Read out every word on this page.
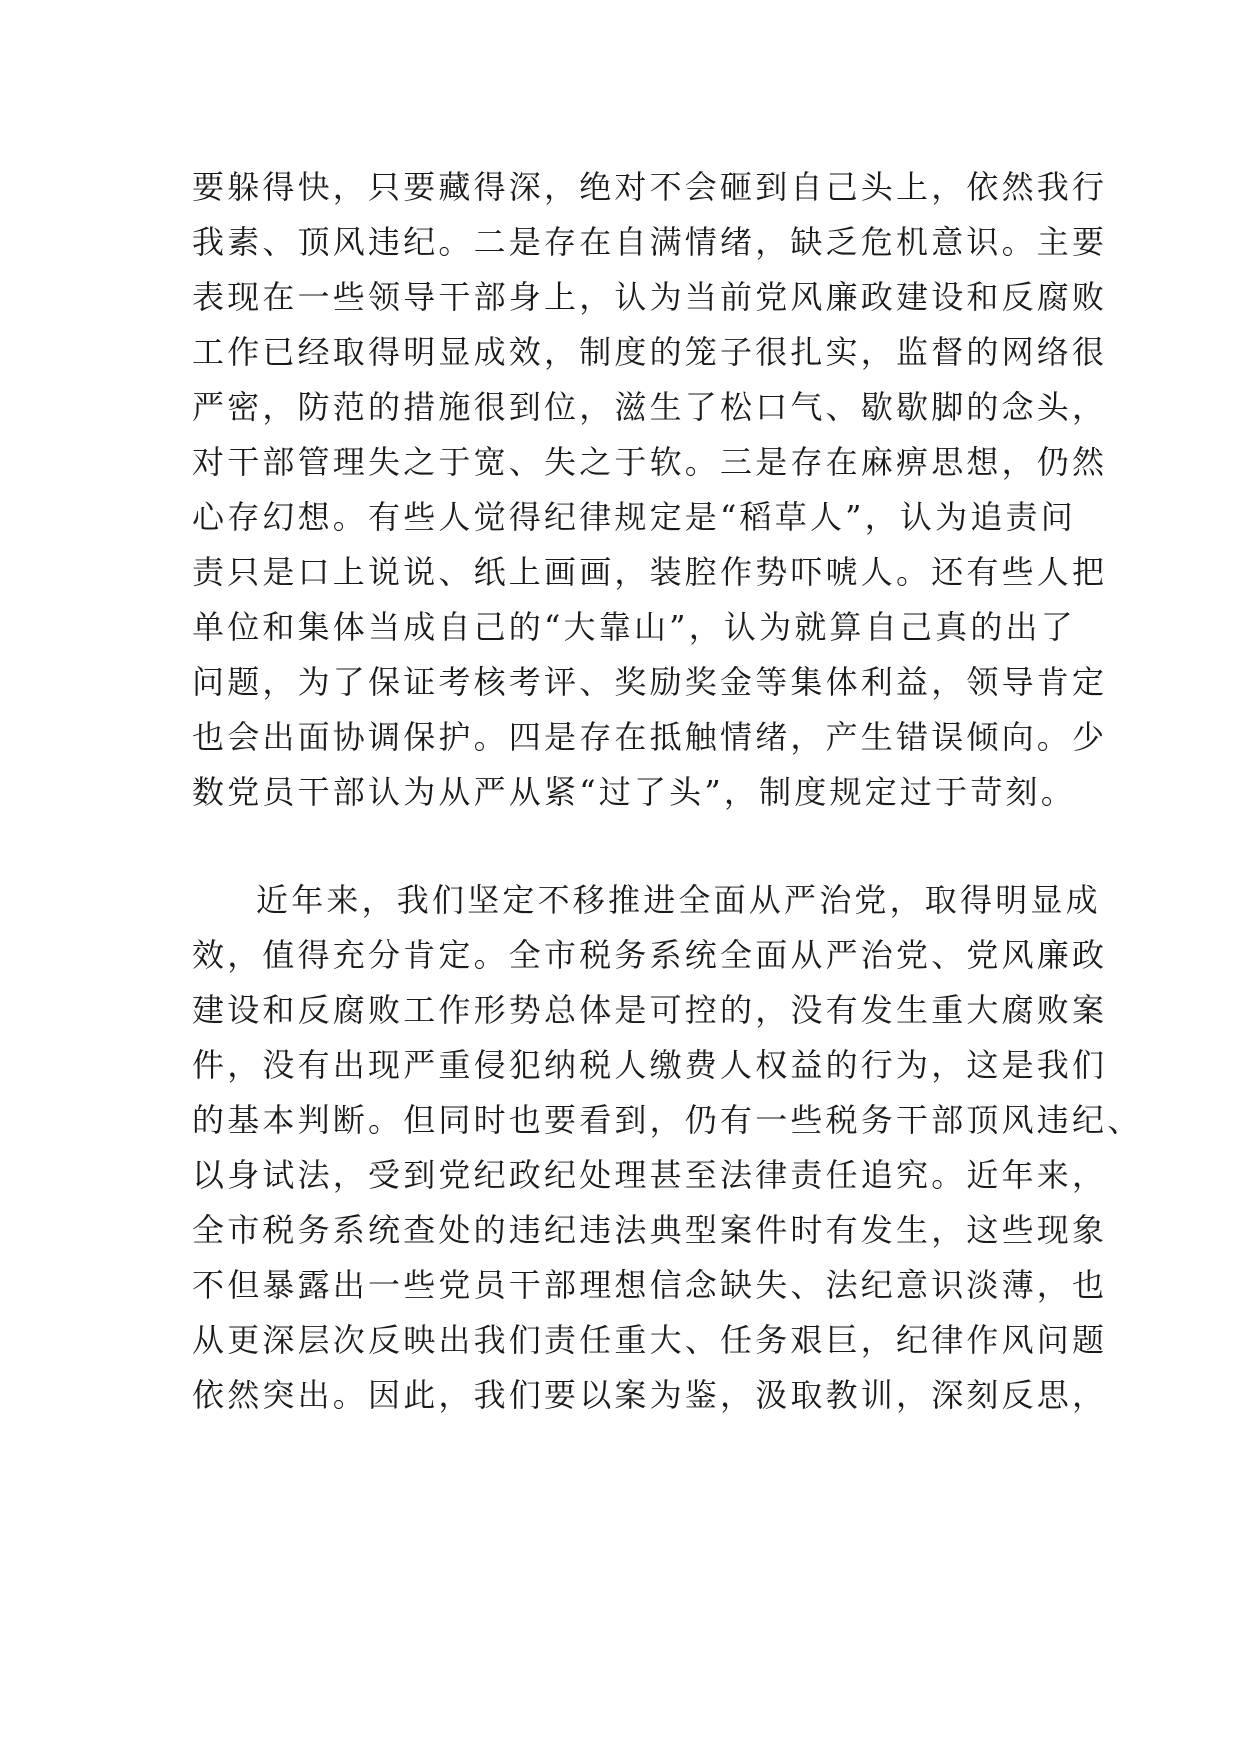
要躲得快，只要藏得深，绝对不会砸到自己头上，依然我行
我素、顶风违纪。二是存在自满情绪，缺乏危机意识。主要
表现在一些领导干部身上，认为当前党风廉政建设和反腐败
工作已经取得明显成效，制度的笼子很扎实，监督的网络很
严密，防范的措施很到位，滋生了松口气、歇歇脚的念头，
对干部管理失之于宽、失之于软。三是存在麻痹思想，仍然
心存幻想。有些人觉得纪律规定是“稻草人”，认为追责问
责只是口上说说、纸上画画，装腔作势吓唬人。还有些人把
单位和集体当成自己的“大靠山”，认为就算自己真的出了
问题，为了保证考核考评、奖励奖金等集体利益，领导肯定
也会出面协调保护。四是存在抵触情绪，产生错误倾向。少
数党员干部认为从严从紧“过了头”，制度规定过于苛刻。
近年来，我们坚定不移推进全面从严治党，取得明显成
效，值得充分肯定。全市税务系统全面从严治党、党风廉政
建设和反腐败工作形势总体是可控的，没有发生重大腐败案
件，没有出现严重侵犯纳税人缴费人权益的行为，这是我们
的基本判断。但同时也要看到，仍有一些税务干部顶风违纪、
以身试法，受到党纪政纪处理甚至法律责任追究。近年来，
全市税务系统查处的违纪违法典型案件时有发生，这些现象
不但暴露出一些党员干部理想信念缺失、法纪意识淡薄，也
从更深层次反映出我们责任重大、任务艰巨，纪律作风问题
依然突出。因此，我们要以案为鉴，汲取教训，深刻反思，
